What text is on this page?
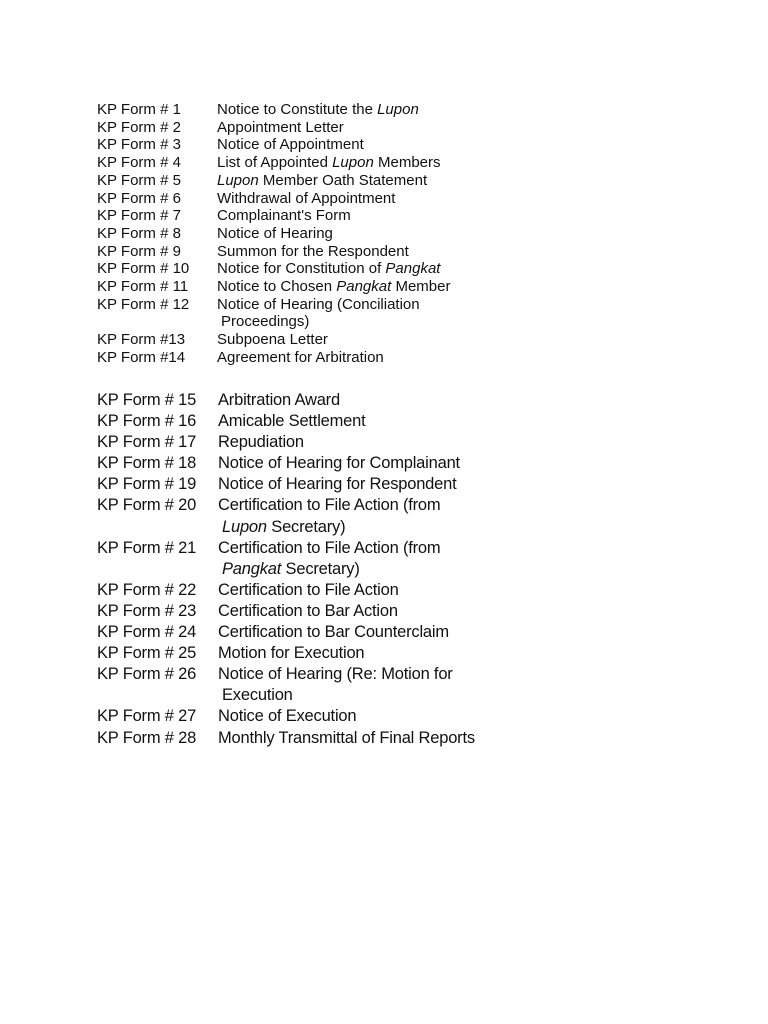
KP Form # 1	Notice to Constitute the Lupon
KP Form # 2	Appointment Letter
KP Form # 3	Notice of Appointment
KP Form # 4	List of Appointed Lupon Members
KP Form # 5	Lupon Member Oath Statement
KP Form # 6	Withdrawal of Appointment
KP Form # 7	Complainant's Form
KP Form # 8	Notice of Hearing
KP Form # 9	Summon for the Respondent
KP Form # 10	Notice for Constitution of Pangkat
KP Form # 11	Notice to Chosen Pangkat Member
KP Form # 12	Notice of Hearing (Conciliation
Proceedings)
KP Form #13	Subpoena Letter
KP Form #14	Agreement for Arbitration
KP Form # 15	Arbitration Award
KP Form # 16	Amicable Settlement
KP Form # 17	Repudiation
KP Form # 18	Notice of Hearing for Complainant
KP Form # 19	Notice of Hearing for Respondent
KP Form # 20	Certification to File Action (from
Lupon Secretary)
KP Form # 21	Certification to File Action (from
Pangkat Secretary)
KP Form # 22	Certification to File Action
KP Form # 23	Certification to Bar Action
KP Form # 24	Certification to Bar Counterclaim
KP Form # 25	Motion for Execution
KP Form # 26	Notice of Hearing (Re: Motion for
Execution
KP Form # 27	Notice of Execution
KP Form # 28	Monthly Transmittal of Final Reports
